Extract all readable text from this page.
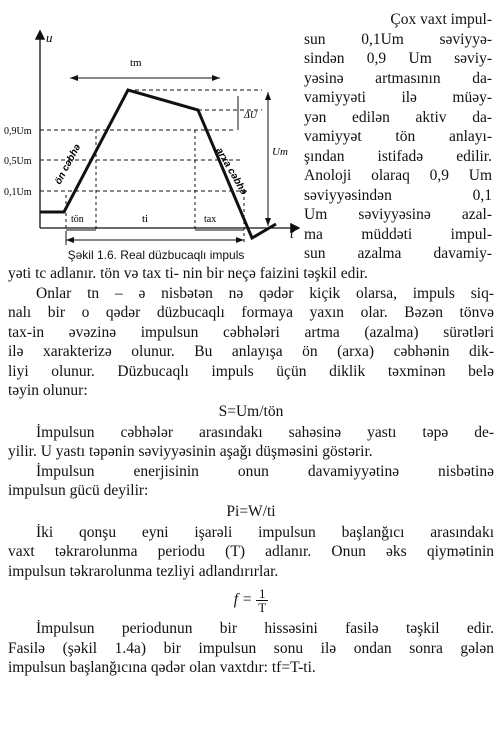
u
t
0,9Um
0,5Um
0,1Um
tm
ΔU
Um
ön cəbhə	arxa cəbhə
tön	ti	tax
Şəkil 1.6. Real düzbucaqlı impuls
Çox vaxt impul-
sun 0,1Um səviyyə-
sindən 0,9 Um səviy-
yəsinə artmasının da-
vamiyyəti ilə müəy-
yən edilən aktiv da-
vamiyyət tön anlayı-
şından istifadə edilir.
Anoloji olaraq 0,9 Um
səviyyəsindən 0,1
Um səviyyəsinə azal-
ma müddəti impul-
sun azalma davamiy-
yəti tc adlanır. tön və tax ti- nin bir neçə faizini təşkil edir.
Onlar tn – ə nisbətən nə qədər kiçik olarsa, impuls siq-
nalı bir o qədər düzbucaqlı formaya yaxın olar. Bəzən tönvə
tax-in əvəzinə impulsun cəbhələri artma (azalma) sürətləri
ilə xarakterizə olunur. Bu anlayışa ön (arxa) cəbhənin dik-
liyi olunur. Düzbucaqlı impuls üçün diklik təxminən belə
təyin olunur:
S=Um/tön
İmpulsun cəbhələr arasındakı sahəsinə yastı təpə de-
yilir. U yastı təpənin səviyyəsinin aşağı düşməsini göstərir.
İmpulsun enerjisinin onun davamiyyətinə nisbətinə
impulsun gücü deyilir:
Pi=W/ti
İki qonşu eyni işarəli impulsun başlanğıcı arasındakı
vaxt təkrarolunma periodu (T) adlanır. Onun əks qiymətinin
impulsun təkrarolunma tezliyi adlandırırlar.
$f = \frac{1}{T}$
İmpulsun periodunun bir hissəsini fasilə təşkil edir.
Fasilə (şəkil 1.4a) bir impulsun sonu ilə ondan sonra gələn
impulsun başlanğıcına qədər olan vaxtdır: tf=T-ti.
